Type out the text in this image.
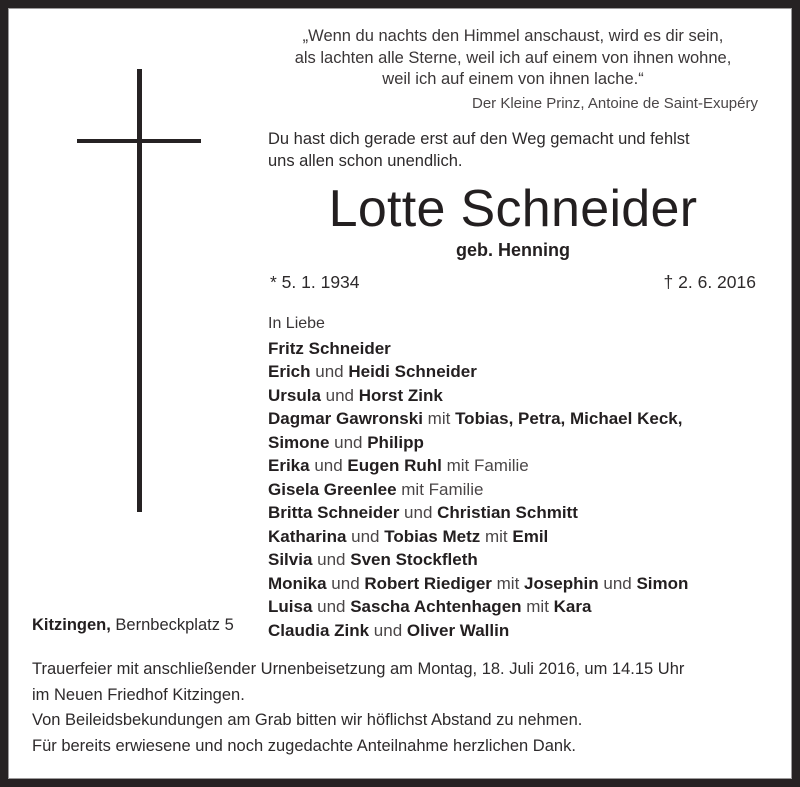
„Wenn du nachts den Himmel anschaust, wird es dir sein,
als lachten alle Sterne, weil ich auf einem von ihnen wohne,
weil ich auf einem von ihnen lache.“
Der Kleine Prinz, Antoine de Saint-Exupéry
Du hast dich gerade erst auf den Weg gemacht und fehlst
uns allen schon unendlich.
Lotte Schneider
geb. Henning
* 5. 1. 1934	† 2. 6. 2016
In Liebe
Fritz Schneider
Erich und Heidi Schneider
Ursula und Horst Zink
Dagmar Gawronski mit Tobias, Petra, Michael Keck,
Simone und Philipp
Erika und Eugen Ruhl mit Familie
Gisela Greenlee mit Familie
Britta Schneider und Christian Schmitt
Katharina und Tobias Metz mit Emil
Silvia und Sven Stockfleth
Monika und Robert Riediger mit Josephin und Simon
Luisa und Sascha Achtenhagen mit Kara
Claudia Zink und Oliver Wallin
Kitzingen, Bernbeckplatz 5
Trauerfeier mit anschließender Urnenbeisetzung am Montag, 18. Juli 2016, um 14.15 Uhr
im Neuen Friedhof Kitzingen.
Von Beileidsbekundungen am Grab bitten wir höflichst Abstand zu nehmen.
Für bereits erwiesene und noch zugedachte Anteilnahme herzlichen Dank.
